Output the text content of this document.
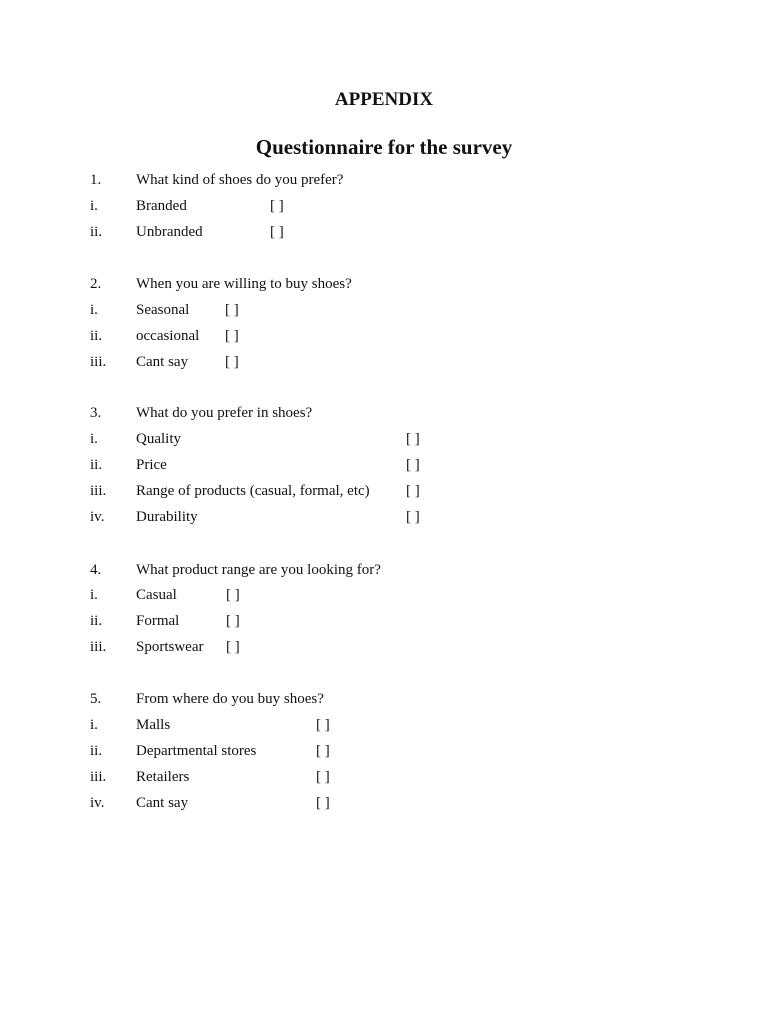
APPENDIX
Questionnaire for the survey
1. What kind of shoes do you prefer?
i.	Branded	[ ]
ii. Unbranded	[ ]
2. When you are willing to buy shoes?
i.	Seasonal [ ]
ii. occasional [ ]
iii. Cant say [ ]
3. What do you prefer in shoes?
i.	Quality	[ ]
ii. Price	[ ]
iii. Range of products (casual, formal, etc) [ ]
iv. Durability	[ ]
4. What product range are you looking for?
i.	Casual	[ ]
ii. Formal	[ ]
iii. Sportswear [ ]
5. From where do you buy shoes?
i.	Malls	[ ]
ii. Departmental stores	[ ]
iii. Retailers	[ ]
iv. Cant say	[ ]
